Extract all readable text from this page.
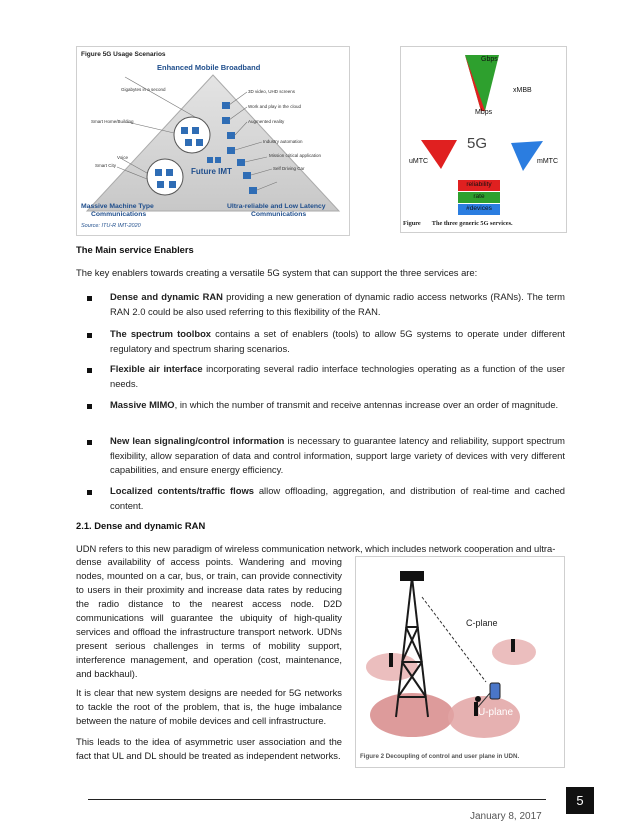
Figure 5G Usage Scenarios
Enhanced Mobile Broadband
Gigabytes in a second	3D video, UHD screens
Smart Home/Building
Work and play in the cloud
Augmented reality
Industry automation
Voice
Smart City
Mission critical application
Self Driving Car
Future IMT
Massive Machine Type
Communications
Ultra-reliable and Low Latency
Communications
Source: ITU-R IMT-2020
Gbps
Mbps
xMBB
5G
uMTC	mMTC
reliability
rate
#devices
Figure The three generic 5G services.
The Main service Enablers
The key enablers towards creating a versatile 5G system that can support the three services are:
Dense and dynamic RAN providing a new generation of dynamic radio access networks (RANs). The term RAN 2.0 could be also used referring to this flexibility of the RAN.
The spectrum toolbox contains a set of enablers (tools) to allow 5G systems to operate under different regulatory and spectrum sharing scenarios.
Flexible air interface incorporating several radio interface technologies operating as a function of the user needs.
Massive MIMO, in which the number of transmit and receive antennas increase over an order of magnitude.
New lean signaling/control information is necessary to guarantee latency and reliability, support spectrum flexibility, allow separation of data and control information, support large variety of devices with very different capabilities, and ensure energy efficiency.
Localized contents/traffic flows allow offloading, aggregation, and distribution of real-time and cached content.
2.1. Dense and dynamic RAN
UDN refers to this new paradigm of wireless communication network, which includes network cooperation and ultra-
dense availability of access points. Wandering and moving nodes, mounted on a car, bus, or train, can provide connectivity to users in their proximity and increase data rates by reducing the radio distance to the nearest access node. D2D communications will guarantee the ubiquity of high-quality services and offload the infrastructure transport network. UDNs present serious challenges in terms of mobility support, interference management, and operation (cost, maintenance, and backhaul).
It is clear that new system designs are needed for 5G networks to tackle the root of the problem, that is, the huge imbalance between the nature of mobile devices and cell infrastructure.
This leads to the idea of asymmetric user association and the fact that UL and DL should be treated as independent networks.
C-plane
U-plane
Figure 2 Decoupling of control and user plane in UDN.
5
January 8, 2017
